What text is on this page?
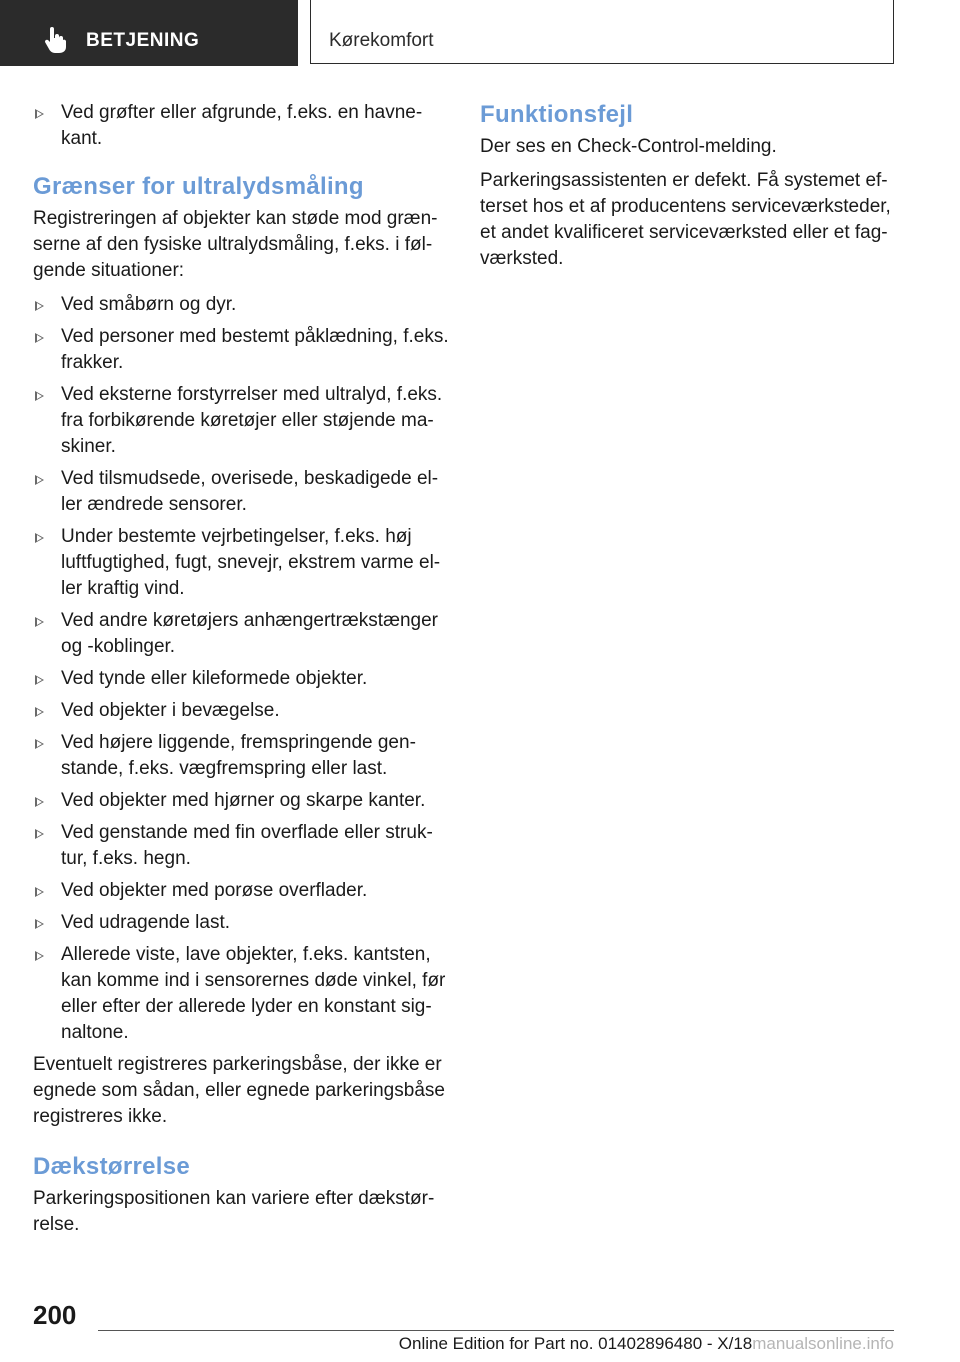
BETJENING	Kørekomfort
Ved grøfter eller afgrunde, f.eks. en havnekant.
Grænser for ultralydsmåling

Registreringen af objekter kan støde mod grænserne af den fysiske ultralydsmåling, f.eks. i følgende situationer:

Ved småbørn og dyr.
Ved personer med bestemt påklædning, f.eks. frakker.
Ved eksterne forstyrrelser med ultralyd, f.eks. fra forbikørende køretøjer eller støjende maskiner.
Ved tilsmudsede, overisede, beskadigede eller ændrede sensorer.
Under bestemte vejrbetingelser, f.eks. høj luftfugtighed, fugt, snevejr, ekstrem varme eller kraftig vind.
Ved andre køretøjers anhængertrækstænger og -koblinger.
Ved tynde eller kileformede objekter.
Ved objekter i bevægelse.
Ved højere liggende, fremspringende genstande, f.eks. vægfremspring eller last.
Ved objekter med hjørner og skarpe kanter.
Ved genstande med fin overflade eller struktur, f.eks. hegn.
Ved objekter med porøse overflader.
Ved udragende last.
Allerede viste, lave objekter, f.eks. kantsten, kan komme ind i sensorernes døde vinkel, før eller efter der allerede lyder en konstant signaltone.

Eventuelt registreres parkeringsbåse, der ikke er egnede som sådan, eller egnede parkeringsbåse registreres ikke.

Dækstørrelse

Parkeringspositionen kan variere efter dækstørrelse.

Funktionsfejl

Der ses en Check-Control-melding.

Parkeringsassistenten er defekt. Få systemet efterset hos et af producentens serviceværksteder, et andet kvalificeret serviceværksted eller et fagværksted.

200
Online Edition for Part no. 01402896480 - X/18manualsonline.info
